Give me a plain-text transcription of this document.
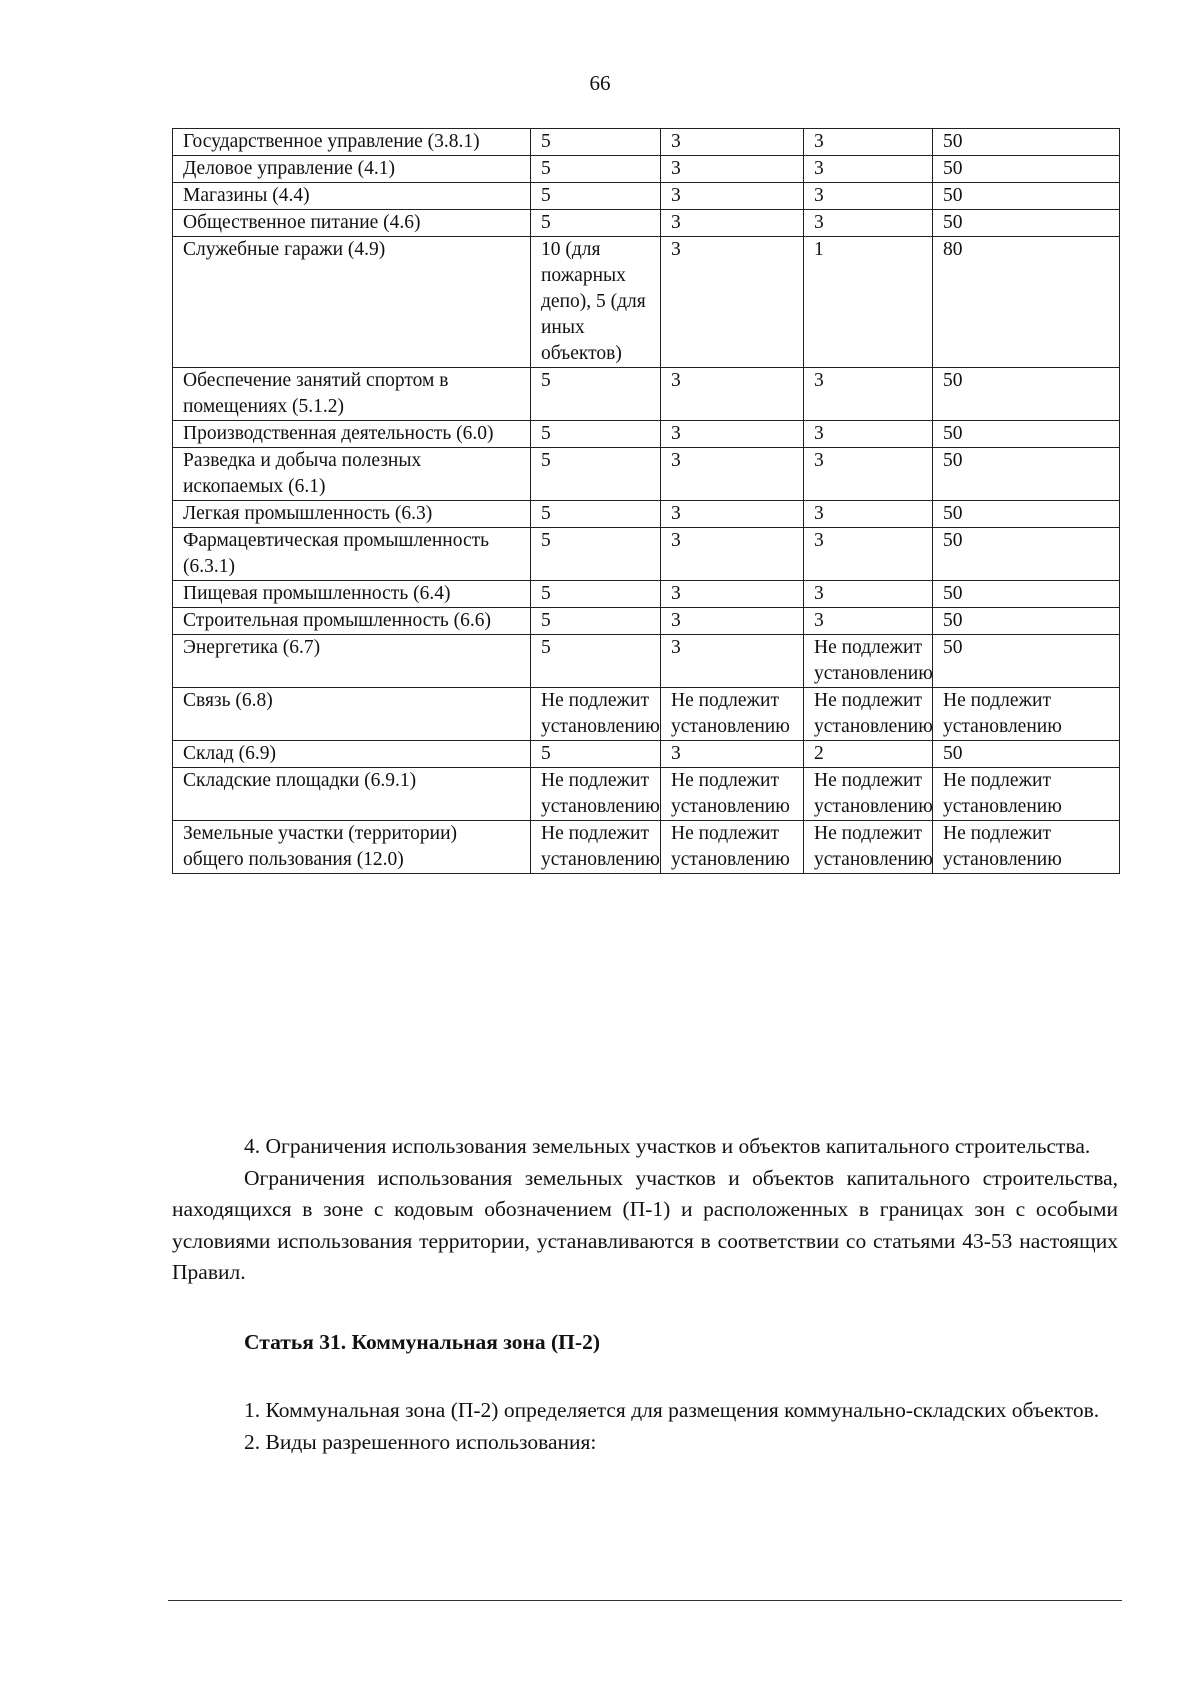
66
Государственное управление (3.8.1)	5	3	3	50
Деловое управление (4.1)	5	3	3	50
Магазины (4.4)	5	3	3	50
Общественное питание (4.6)	5	3	3	50
Служебные гаражи (4.9)	10 (для пожарных депо), 5 (для иных объектов)	3	1	80
Обеспечение занятий спортом в помещениях (5.1.2)	5	3	3	50
Производственная деятельность (6.0)	5	3	3	50
Разведка и добыча полезных ископаемых (6.1)	5	3	3	50
Легкая промышленность (6.3)	5	3	3	50
Фармацевтическая промышленность (6.3.1)	5	3	3	50
Пищевая промышленность (6.4)	5	3	3	50
Строительная промышленность (6.6)	5	3	3	50
Энергетика (6.7)	5	3	Не подлежит установлению	50
Связь (6.8)	Не подлежит установлению	Не подлежит установлению	Не подлежит установлению	Не подлежит установлению
Склад (6.9)	5	3	2	50
Складские площадки (6.9.1)	Не подлежит установлению	Не подлежит установлению	Не подлежит установлению	Не подлежит установлению
Земельные участки (территории) общего пользования (12.0)	Не подлежит установлению	Не подлежит установлению	Не подлежит установлению	Не подлежит установлению

4. Ограничения использования земельных участков и объектов капитального строительства.

Ограничения использования земельных участков и объектов капитального строительства, находящихся в зоне с кодовым обозначением (П-1) и расположенных в границах зон с особыми условиями использования территории, устанавливаются в соответствии со статьями 43-53 настоящих Правил.

Статья 31. Коммунальная зона (П-2)

1. Коммунальная зона (П-2) определяется для размещения коммунально-складских объектов.

2. Виды разрешенного использования:
